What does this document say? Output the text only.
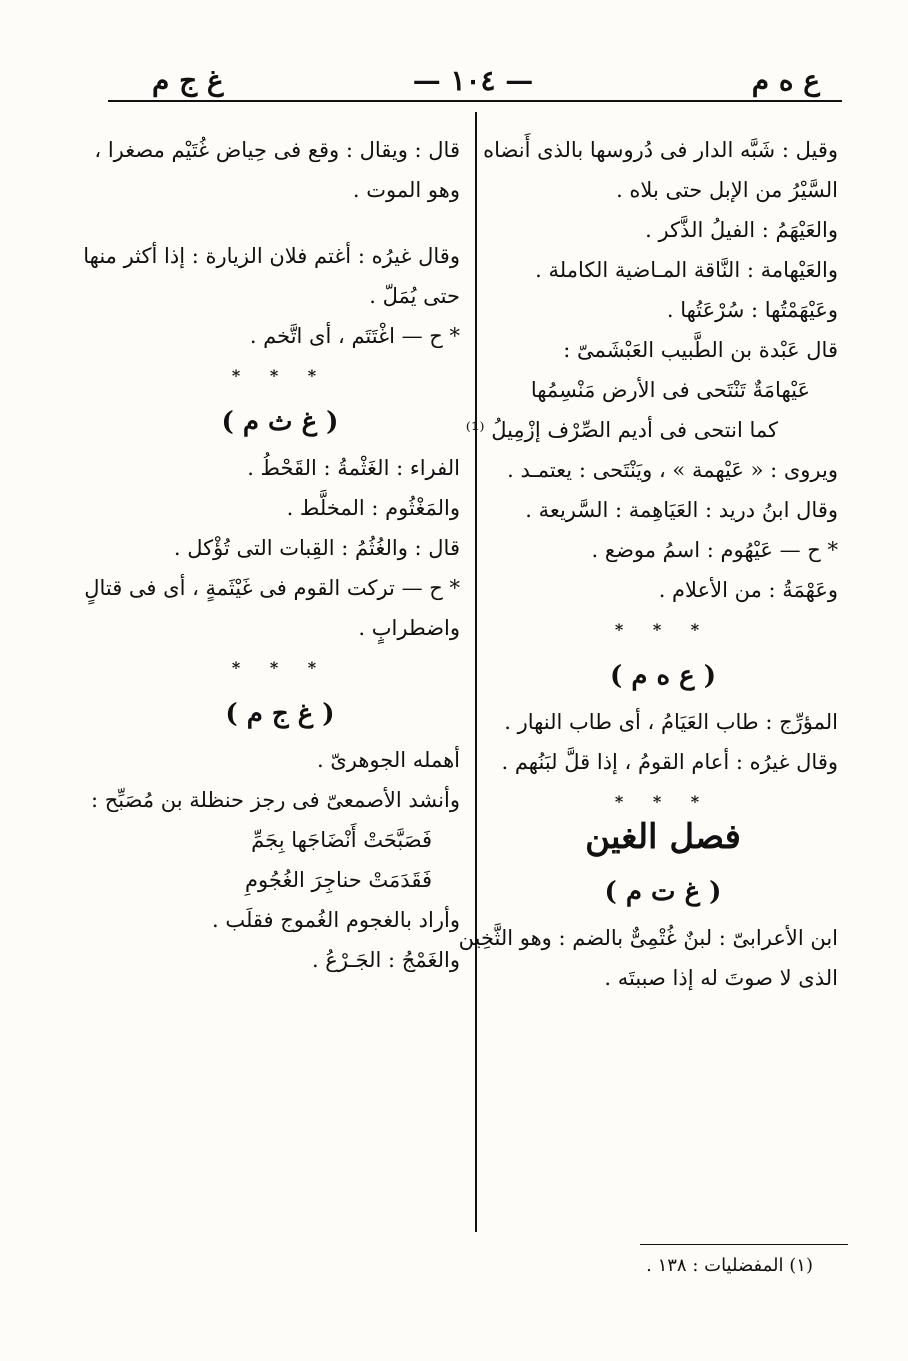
ع ه م
— ١٠٤ —
غ ج م
وقيل : شَبَّه الدار فى دُروسها بالذى أَنضاه
السَّيْرُ من الإبل حتى بلاه .
والعَيْهَمُ : الفيلُ الذَّكر .
والعَيْهامة : النَّاقة المـاضية الكاملة .
وعَيْهَمْتُها : سُرْعَتُها .
قال عَبْدة بن الطَّبيب العَبْشَمىّ :
عَيْهامَةٌ تَنْتَحى فى الأرض مَنْسِمُها
كما انتحى فى أديم الصِّرْف إزْمِيلُ ⁽¹⁾
ويروى : « عَيْهمة » ، ويَنْتَحى : يعتمـد .
وقال ابنُ دريد : العَيَاهِمة : السَّريعة .
* ح — عَيْهُوم : اسمُ موضع .
وعَهْمَةُ : من الأعلام .
* * *
( ع ه م )
المؤرِّج : طاب العَيَامُ ، أى طاب النهار .
وقال غيرُه : أعام القومُ ، إذا قلَّ لبَنُهم .
* * *
فصل الغين
( غ ت م )
ابن الأعرابىّ : لبنٌ غُتْمِىٌّ بالضم : وهو الثَّخِين
الذى لا صوتَ له إذا صببتَه .
قال : ويقال : وقع فى حِياض غُتَيْم مصغرا ،
وهو الموت .
وقال غيرُه : أغتم فلان الزيارة : إذا أكثر منها
حتى يُمَلّ .
* ح — اغْتَتَم ، أى اتَّخم .
* * *
( غ ث م )
الفراء : الغَثْمةُ : القَحْطُ .
والمَغْثُوم : المخلَّط .
قال : والغُثُمُ : القِبات التى تُؤْكل .
* ح — تركت القوم فى غَيْثَمةٍ ، أى فى قتالٍ
واضطرابٍ .
* * *
( غ ج م )
أهمله الجوهرىّ .
وأنشد الأصمعىّ فى رجز حنظلة بن مُصَبِّح :
فَصَبَّحَتْ أَنْضَاجَها بِجَمِّ
فَقَدَمَتْ حناجِرَ الغُجُومِ
وأراد بالغجوم الغُموج فقلَب .
والغَمْجُ : الجَـرْعُ .
(١) المفضليات : ١٣٨ .
